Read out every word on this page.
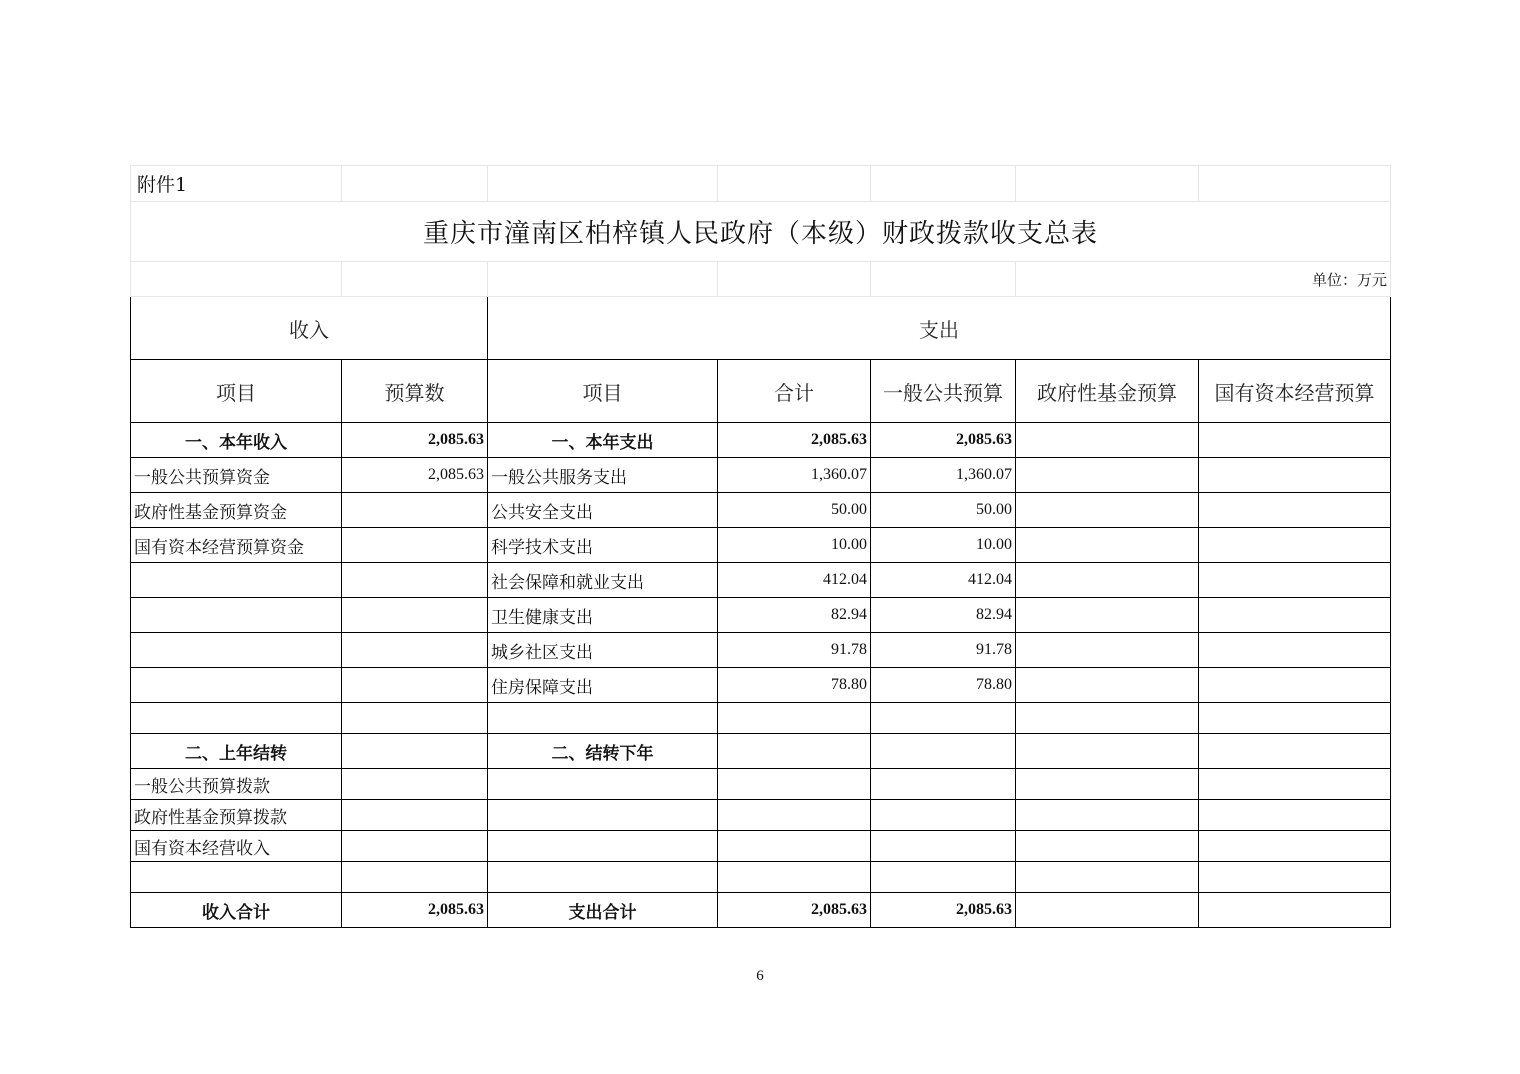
附件1						
重庆市潼南区柏梓镇人民政府（本级）财政拨款收支总表						
					单位：万元	
收入		支出				
项目	预算数	项目	合计	一般公共预算	政府性基金预算	国有资本经营预算
一、本年收入	2,085.63	一、本年支出	2,085.63	2,085.63		
一般公共预算资金	2,085.63	一般公共服务支出	1,360.07	1,360.07		
政府性基金预算资金		公共安全支出	50.00	50.00		
国有资本经营预算资金		科学技术支出	10.00	10.00		
		社会保障和就业支出	412.04	412.04		
		卫生健康支出	82.94	82.94		
		城乡社区支出	91.78	91.78		
		住房保障支出	78.80	78.80		

二、上年结转		二、结转下年				
一般公共预算拨款						
政府性基金预算拨款						
国有资本经营收入						

收入合计	2,085.63	支出合计	2,085.63	2,085.63		
6
